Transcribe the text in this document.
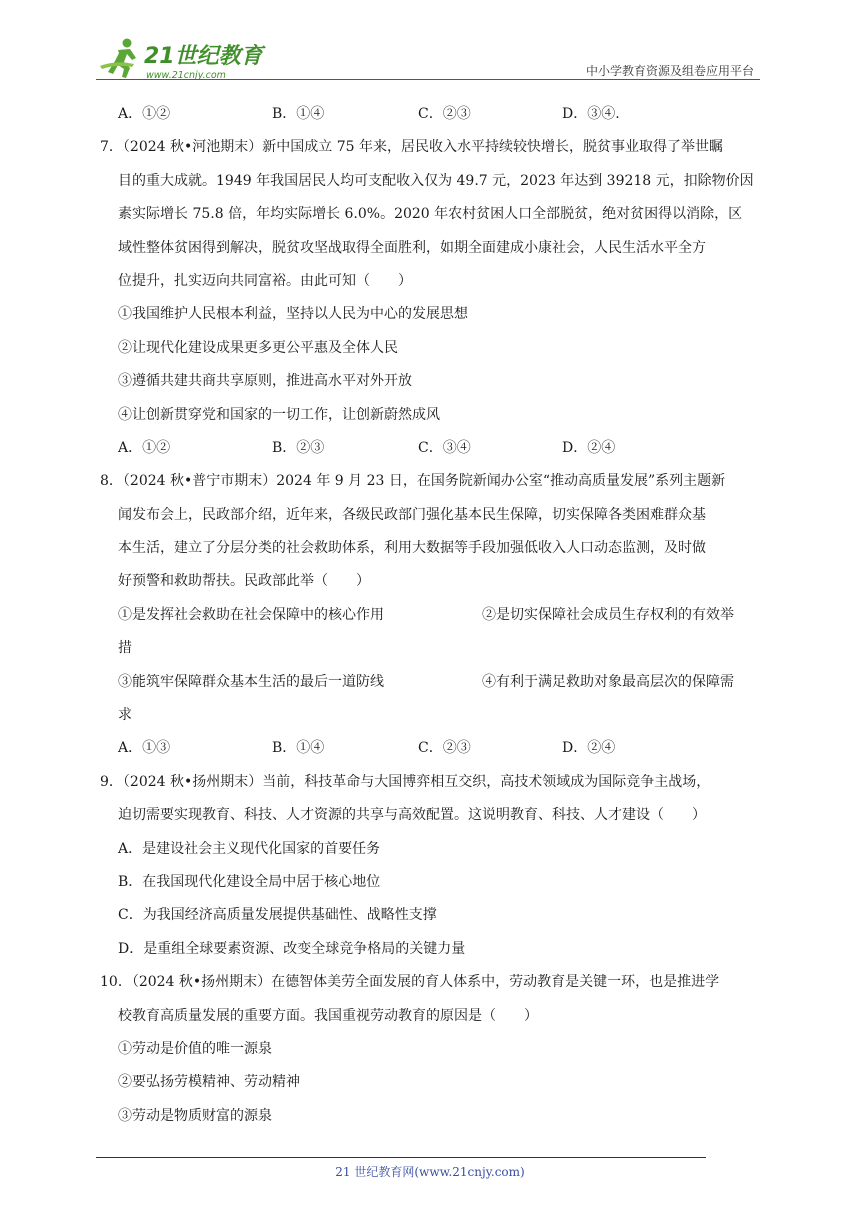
21世纪教育
www.21cnjy.com	中小学教育资源及组卷应用平台
A．①②	B．①④	C．②③	D．③④.
7．（2024 秋•河池期末）新中国成立 75 年来，居民收入水平持续较快增长，脱贫事业取得了举世瞩
目的重大成就。1949 年我国居民人均可支配收入仅为 49.7 元，2023 年达到 39218 元，扣除物价因
素实际增长 75.8 倍，年均实际增长 6.0%。2020 年农村贫困人口全部脱贫，绝对贫困得以消除，区
域性整体贫困得到解决，脱贫攻坚战取得全面胜利，如期全面建成小康社会，人民生活水平全方
位提升，扎实迈向共同富裕。由此可知（　　）
①我国维护人民根本利益，坚持以人民为中心的发展思想
②让现代化建设成果更多更公平惠及全体人民
③遵循共建共商共享原则，推进高水平对外开放
④让创新贯穿党和国家的一切工作，让创新蔚然成风
A．①②	B．②③	C．③④	D．②④
8．（2024 秋•普宁市期末）2024 年 9 月 23 日，在国务院新闻办公室“推动高质量发展”系列主题新
闻发布会上，民政部介绍，近年来，各级民政部门强化基本民生保障，切实保障各类困难群众基
本生活，建立了分层分类的社会救助体系，利用大数据等手段加强低收入人口动态监测，及时做
好预警和救助帮扶。民政部此举（　　）
①是发挥社会救助在社会保障中的核心作用	②是切实保障社会成员生存权利的有效举
措
③能筑牢保障群众基本生活的最后一道防线	④有利于满足救助对象最高层次的保障需
求
A．①③	B．①④	C．②③	D．②④
9．（2024 秋•扬州期末）当前，科技革命与大国博弈相互交织，高技术领域成为国际竞争主战场，
迫切需要实现教育、科技、人才资源的共享与高效配置。这说明教育、科技、人才建设（　　）
A．是建设社会主义现代化国家的首要任务
B．在我国现代化建设全局中居于核心地位
C．为我国经济高质量发展提供基础性、战略性支撑
D．是重组全球要素资源、改变全球竞争格局的关键力量
10．（2024 秋•扬州期末）在德智体美劳全面发展的育人体系中，劳动教育是关键一环，也是推进学
校教育高质量发展的重要方面。我国重视劳动教育的原因是（　　）
①劳动是价值的唯一源泉
②要弘扬劳模精神、劳动精神
③劳动是物质财富的源泉
21 世纪教育网(www.21cnjy.com)
